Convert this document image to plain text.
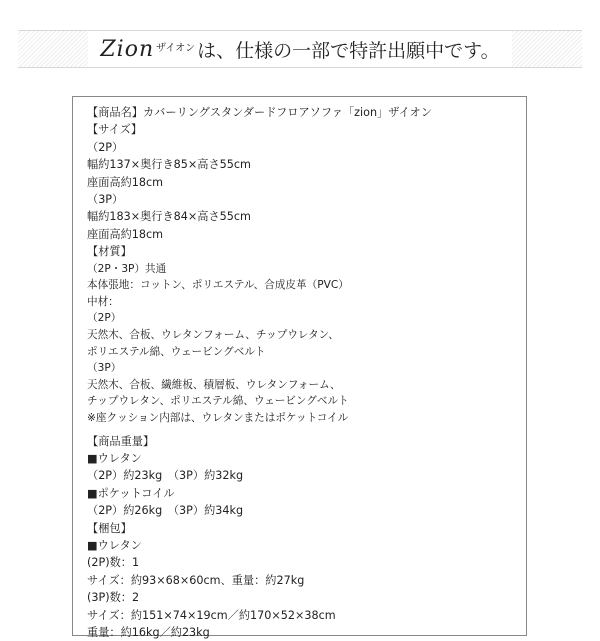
Zion ザイオン は、仕様の一部で特許出願中です。
【商品名】カバーリングスタンダードフロアソファ「zion」ザイオン
【サイズ】
（2P）
幅約137×奥行き85×高さ55cm
座面高約18cm
（3P）
幅約183×奥行き84×高さ55cm
座面高約18cm
【材質】
（2P・3P）共通
本体張地：コットン、ポリエステル、合成皮革（PVC）
中材：
（2P）
天然木、合板、ウレタンフォーム、チップウレタン、
ポリエステル綿、ウェービングベルト
（3P）
天然木、合板、繊維板、積層板、ウレタンフォーム、
チップウレタン、ポリエステル綿、ウェービングベルト
※座クッション内部は、ウレタンまたはポケットコイル
【商品重量】
■ウレタン
（2P）約23kg　（3P）約32kg
■ポケットコイル
（2P）約26kg　（3P）約34kg
【梱包】
■ウレタン
(2P)数：1
サイズ：約93×68×60cm、重量：約27kg
(3P)数：2
サイズ：約151×74×19cm／約170×52×38cm
重量：約16kg／約23kg
